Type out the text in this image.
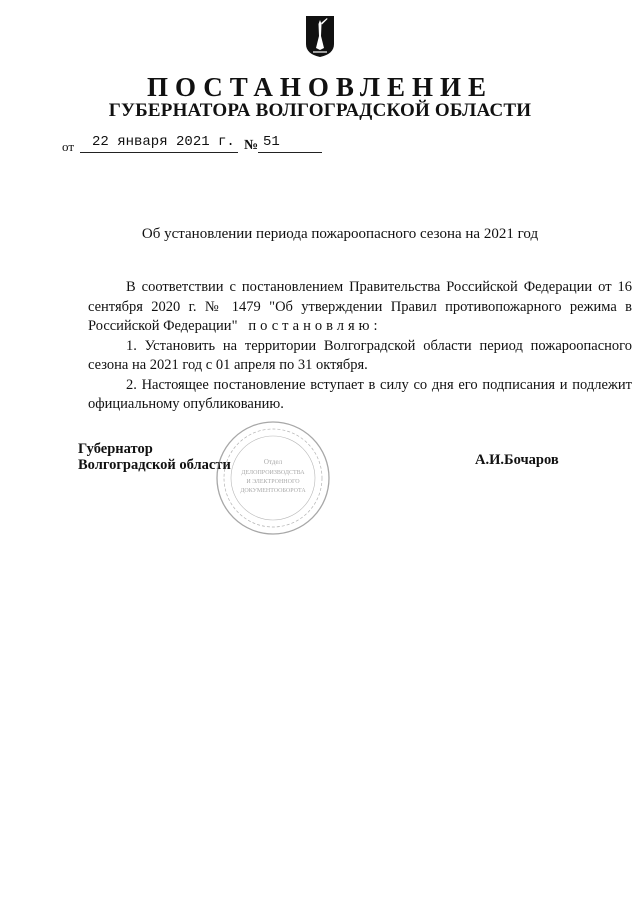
ПОСТАНОВЛЕНИЕ
ГУБЕРНАТОРА ВОЛГОГРАДСКОЙ ОБЛАСТИ
от 22 января 2021 г. № 51
Об установлении периода пожароопасного сезона на 2021 год

В соответствии с постановлением Правительства Российской Федерации от 16 сентября 2020 г. № 1479 "Об утверждении Правил противопожарного режима в Российской Федерации" постановляю:

1. Установить на территории Волгоградской области период пожароопасного сезона на 2021 год с 01 апреля по 31 октября.

2. Настоящее постановление вступает в силу со дня его подписания и подлежит официальному опубликованию.

Губернатор
Волгоградской области	А.И.Бочаров
Отдел
ДЕЛОПРОИЗВОДСТВА
И ЭЛЕКТРОННОГО
ДОКУМЕНТООБОРОТА
